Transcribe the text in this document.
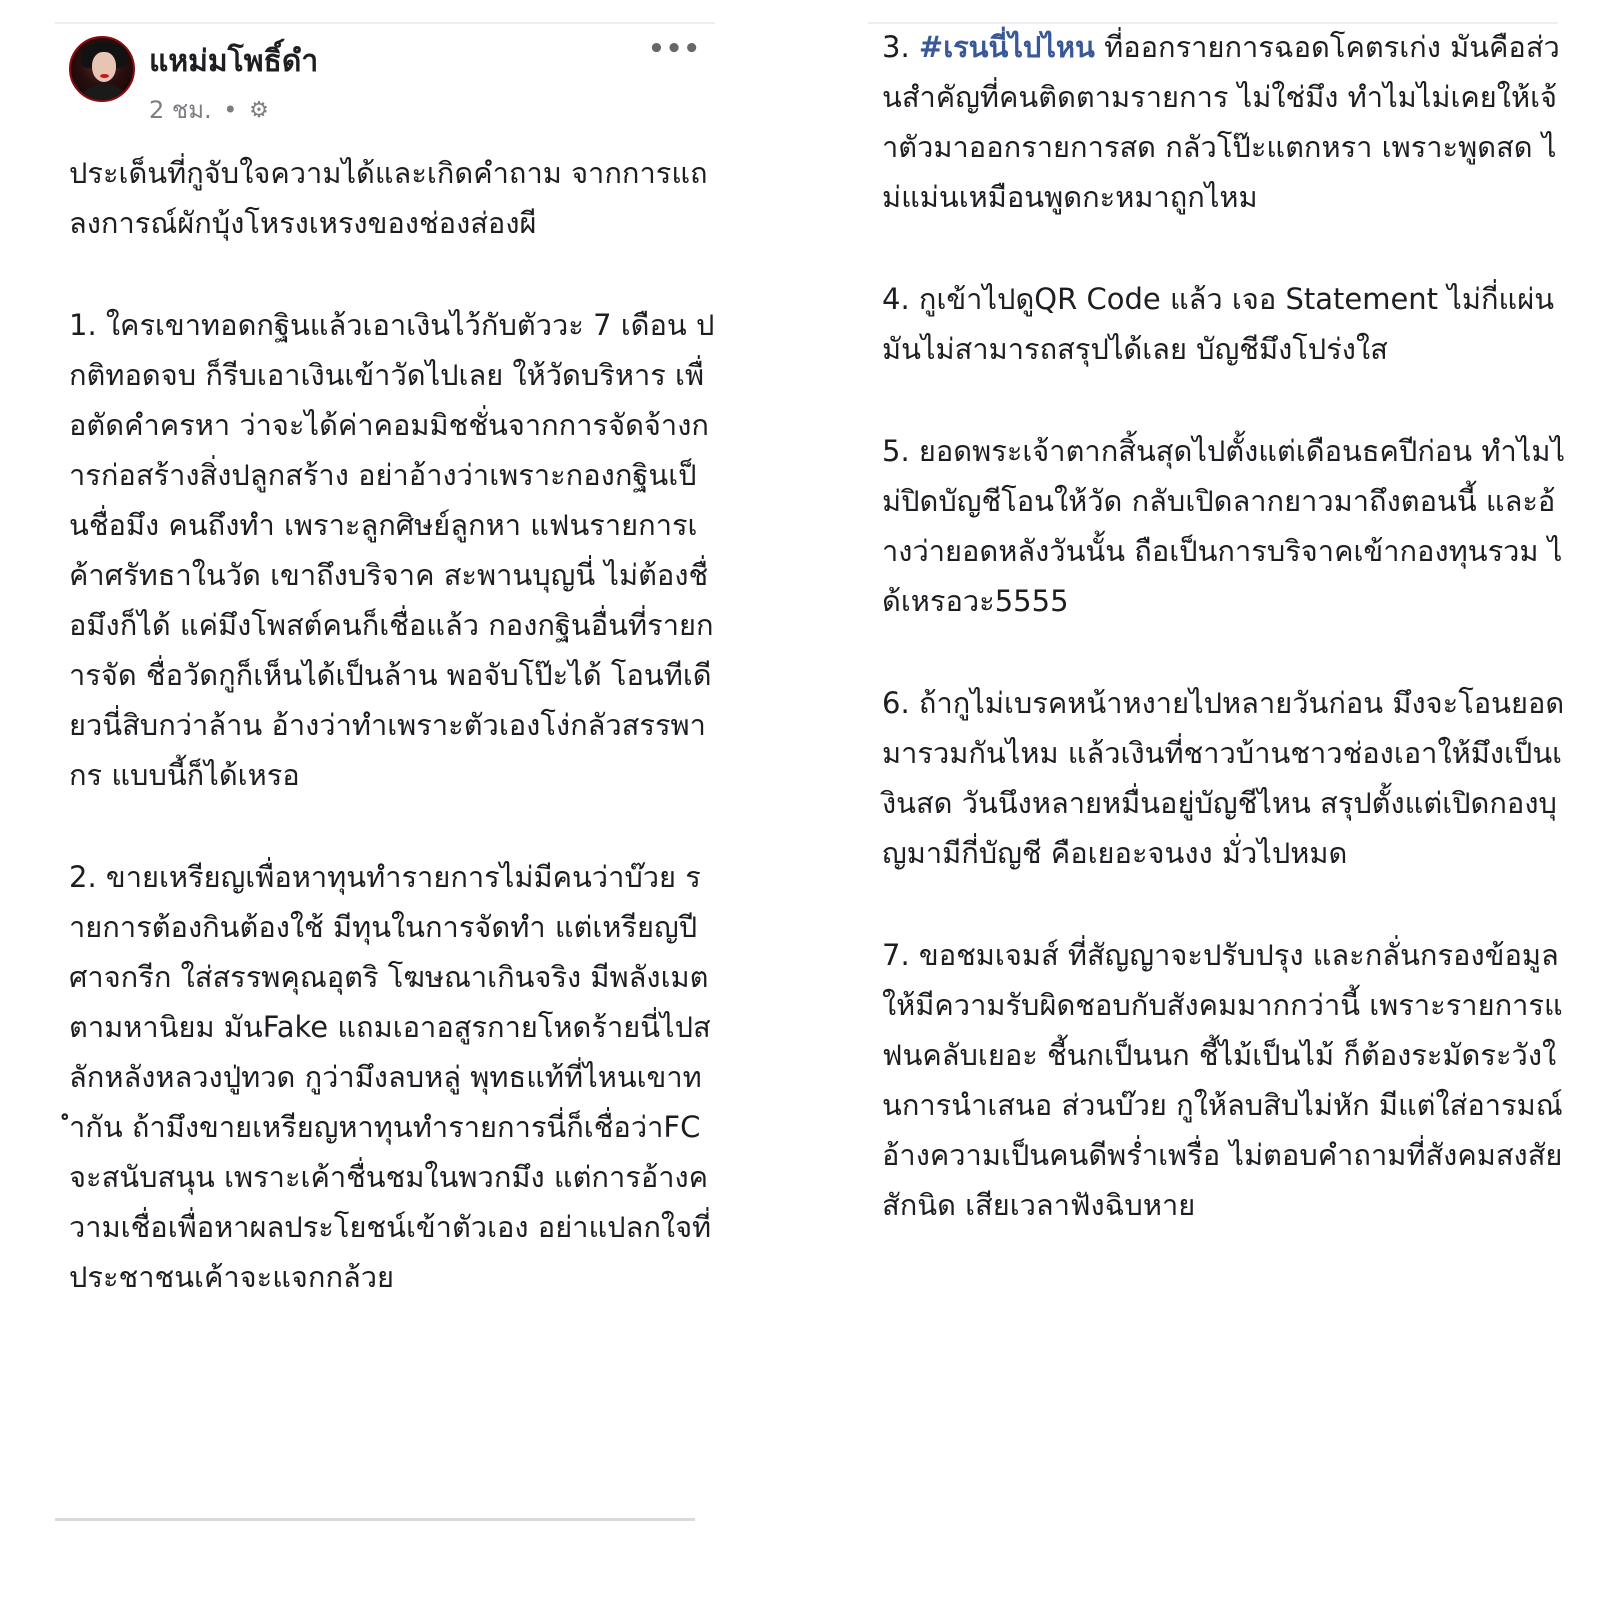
แหม่มโพธิ์ดำ
2 ชม. • ⚙
•••

ประเด็นที่กูจับใจความได้และเกิดคำถาม จากการแถลงการณ์ผักบุ้งโหรงเหรงของช่องส่องผี

1. ใครเขาทอดกฐินแล้วเอาเงินไว้กับตัววะ 7 เดือน ปกติทอดจบ ก็รีบเอาเงินเข้าวัดไปเลย ให้วัดบริหาร เพื่อตัดคำครหา ว่าจะได้ค่าคอมมิชชั่นจากการจัดจ้างการก่อสร้างสิ่งปลูกสร้าง อย่าอ้างว่าเพราะกองกฐินเป็นชื่อมึง คนถึงทำ เพราะลูกศิษย์ลูกหา แฟนรายการเค้าศรัทธาในวัด เขาถึงบริจาค สะพานบุญนี่ ไม่ต้องชื่อมึงก็ได้ แค่มึงโพสต์คนก็เชื่อแล้ว กองกฐินอื่นที่รายการจัด ชื่อวัดกูก็เห็นได้เป็นล้าน พอจับโป๊ะได้ โอนทีเดียวนี่สิบกว่าล้าน อ้างว่าทำเพราะตัวเองโง่กลัวสรรพากร แบบนี้ก็ได้เหรอ

2. ขายเหรียญเพื่อหาทุนทำรายการไม่มีคนว่าบ๊วย รายการต้องกินต้องใช้ มีทุนในการจัดทำ แต่เหรียญปีศาจกรีก ใส่สรรพคุณอุตริ โฆษณาเกินจริง มีพลังเมตตามหานิยม มันFake แถมเอาอสูรกายโหดร้ายนี่ไปสลักหลังหลวงปู่ทวด กูว่ามึงลบหลู่ พุทธแท้ที่ไหนเขาทำกัน ถ้ามึงขายเหรียญหาทุนทำรายการนี่ก็เชื่อว่าFCจะสนับสนุน เพราะเค้าชื่นชมในพวกมึง แต่การอ้างความเชื่อเพื่อหาผลประโยชน์เข้าตัวเอง อย่าแปลกใจที่ประชาชนเค้าจะแจกกล้วย

3. #เรนนี่ไปไหน ที่ออกรายการฉอดโคตรเก่ง มันคือส่วนสำคัญที่คนติดตามรายการ ไม่ใช่มึง ทำไมไม่เคยให้เจ้าตัวมาออกรายการสด กลัวโป๊ะแตกหรา เพราะพูดสด ไม่แม่นเหมือนพูดกะหมาถูกไหม

4. กูเข้าไปดูQR Code แล้ว เจอ Statement ไม่กี่แผ่น มันไม่สามารถสรุปได้เลย บัญชีมึงโปร่งใส

5. ยอดพระเจ้าตากสิ้นสุดไปตั้งแต่เดือนธคปีก่อน ทำไมไม่ปิดบัญชีโอนให้วัด กลับเปิดลากยาวมาถึงตอนนี้ และอ้างว่ายอดหลังวันนั้น ถือเป็นการบริจาคเข้ากองทุนรวม ได้เหรอวะ5555

6. ถ้ากูไม่เบรคหน้าหงายไปหลายวันก่อน มึงจะโอนยอดมารวมกันไหม แล้วเงินที่ชาวบ้านชาวช่องเอาให้มึงเป็นเงินสด วันนึงหลายหมื่นอยู่บัญชีไหน สรุปตั้งแต่เปิดกองบุญมามีกี่บัญชี คือเยอะจนงง มั่วไปหมด

7. ขอชมเจมส์ ที่สัญญาจะปรับปรุง และกลั่นกรองข้อมูล ให้มีความรับผิดชอบกับสังคมมากกว่านี้ เพราะรายการแฟนคลับเยอะ ชี้นกเป็นนก ชี้ไม้เป็นไม้ ก็ต้องระมัดระวังในการนำเสนอ ส่วนบ๊วย กูให้ลบสิบไม่หัก มีแต่ใส่อารมณ์อ้างความเป็นคนดีพร่ำเพรื่อ ไม่ตอบคำถามที่สังคมสงสัยสักนิด เสียเวลาฟังฉิบหาย
